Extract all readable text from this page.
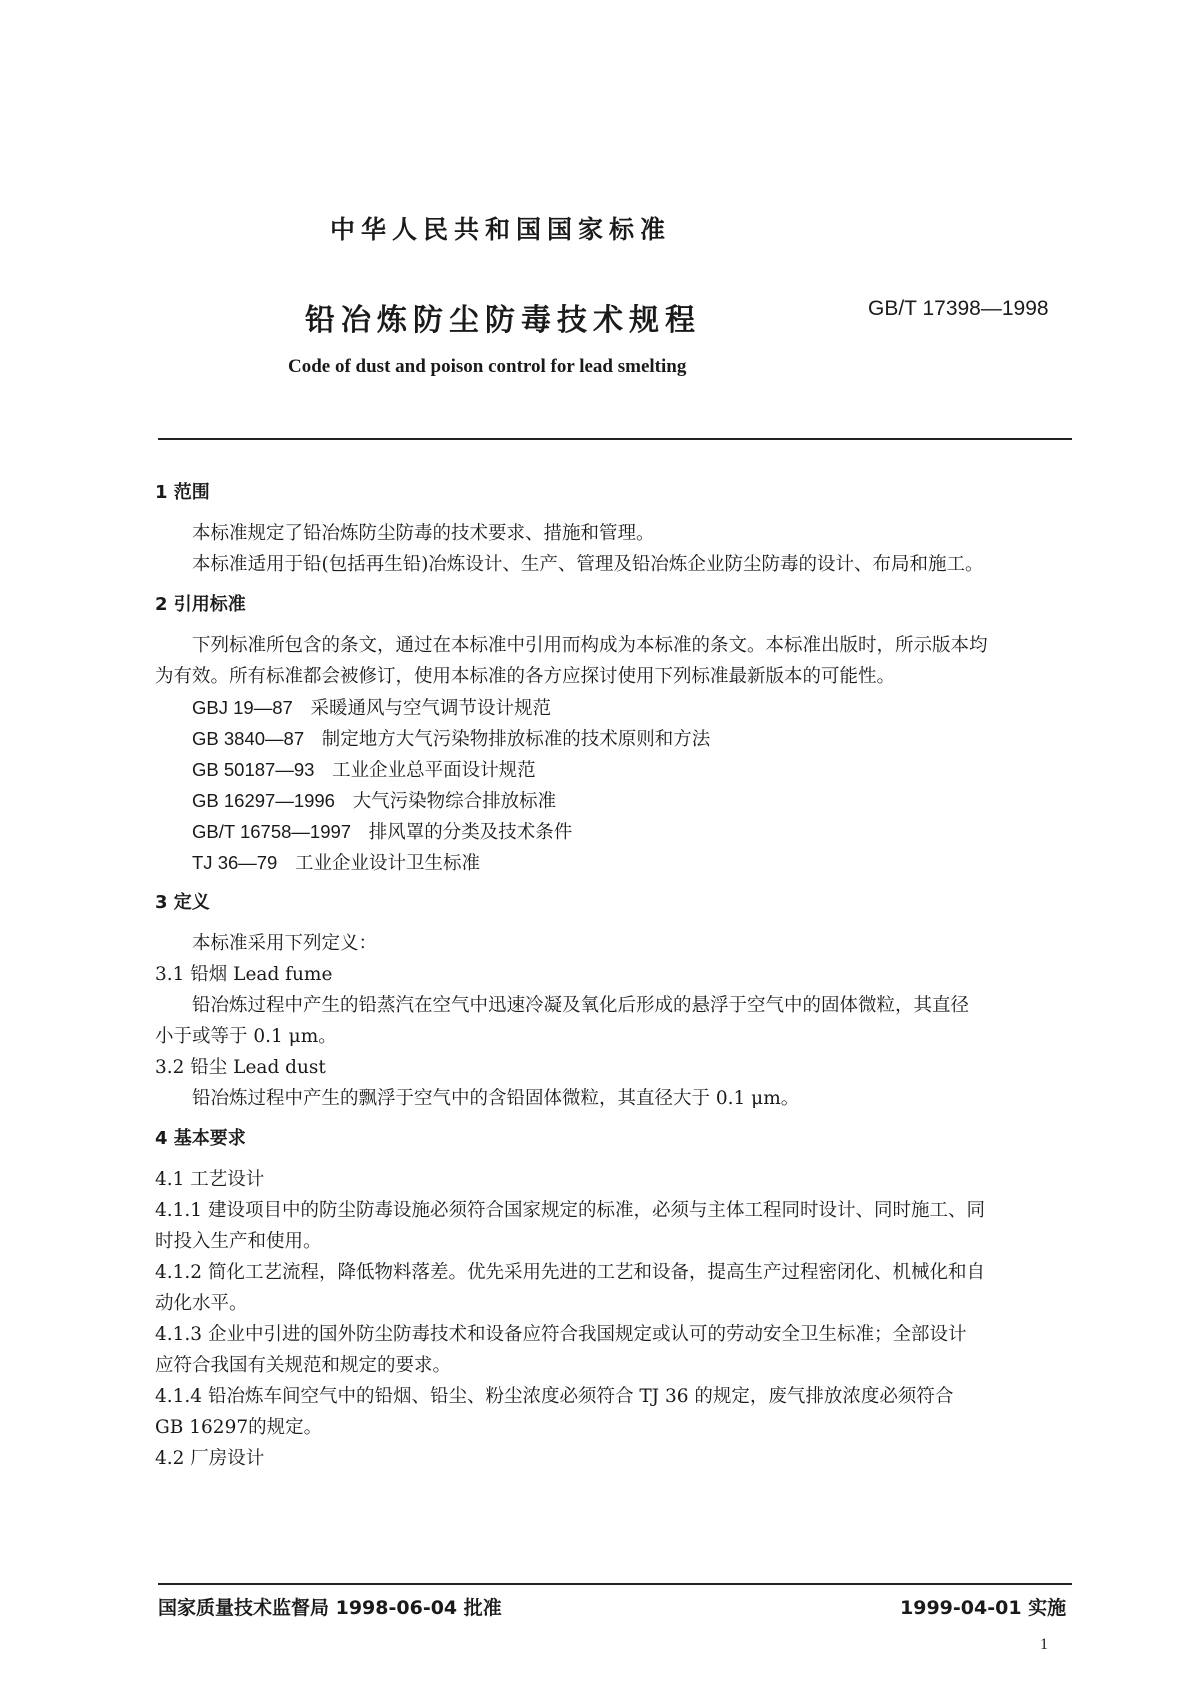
中华人民共和国国家标准
铅冶炼防尘防毒技术规程	GB/T 17398—1998
Code of dust and poison control for lead smelting
1 范围
本标准规定了铅冶炼防尘防毒的技术要求、措施和管理。
本标准适用于铅(包括再生铅)冶炼设计、生产、管理及铅冶炼企业防尘防毒的设计、布局和施工。
2 引用标准
下列标准所包含的条文，通过在本标准中引用而构成为本标准的条文。本标准出版时，所示版本均
为有效。所有标准都会被修订，使用本标准的各方应探讨使用下列标准最新版本的可能性。
GBJ 19—87 采暖通风与空气调节设计规范
GB 3840—87 制定地方大气污染物排放标准的技术原则和方法
GB 50187—93 工业企业总平面设计规范
GB 16297—1996 大气污染物综合排放标准
GB/T 16758—1997 排风罩的分类及技术条件
TJ 36—79 工业企业设计卫生标准
3 定义
本标准采用下列定义：
3.1 铅烟 Lead fume
铅冶炼过程中产生的铅蒸汽在空气中迅速冷凝及氧化后形成的悬浮于空气中的固体微粒，其直径
小于或等于 0.1 μm。
3.2 铅尘 Lead dust
铅冶炼过程中产生的飘浮于空气中的含铅固体微粒，其直径大于 0.1 μm。
4 基本要求
4.1 工艺设计
4.1.1 建设项目中的防尘防毒设施必须符合国家规定的标准，必须与主体工程同时设计、同时施工、同
时投入生产和使用。
4.1.2 简化工艺流程，降低物料落差。优先采用先进的工艺和设备，提高生产过程密闭化、机械化和自
动化水平。
4.1.3 企业中引进的国外防尘防毒技术和设备应符合我国规定或认可的劳动安全卫生标准；全部设计
应符合我国有关规范和规定的要求。
4.1.4 铅冶炼车间空气中的铅烟、铅尘、粉尘浓度必须符合 TJ 36 的规定，废气排放浓度必须符合
GB 16297的规定。
4.2 厂房设计
国家质量技术监督局 1998-06-04 批准	1999-04-01 实施
1
